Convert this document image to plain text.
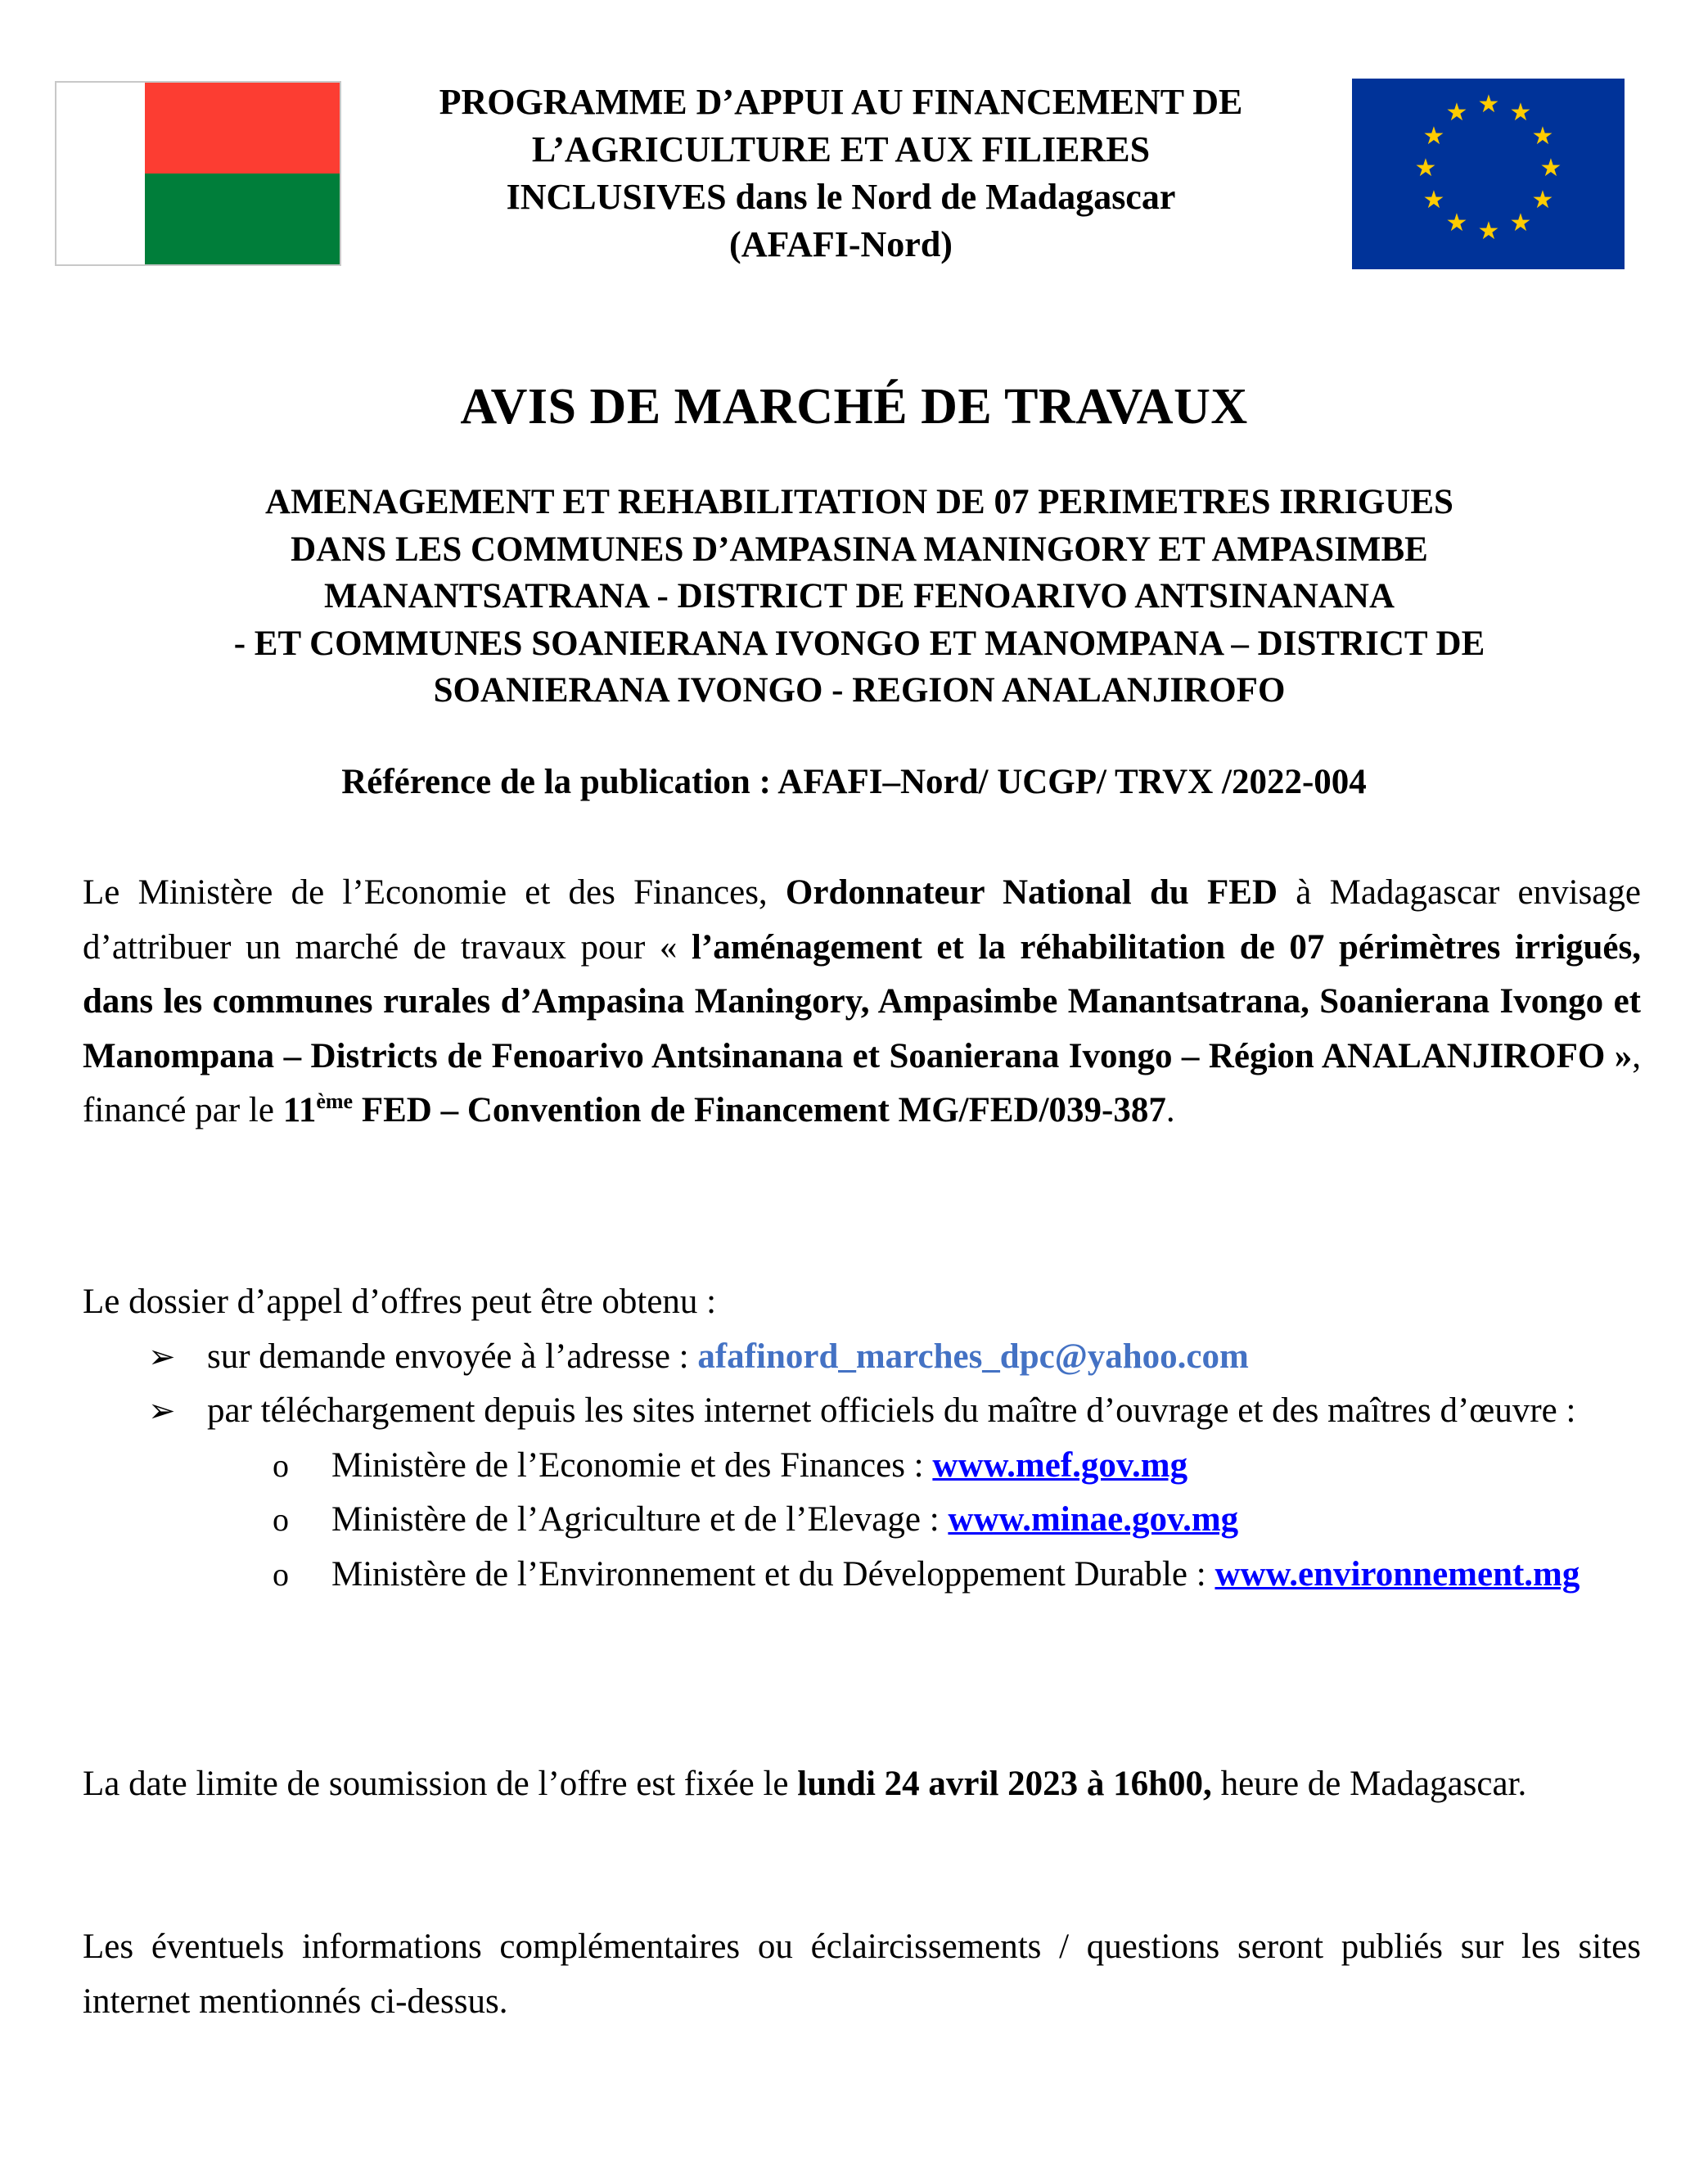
PROGRAMME D’APPUI AU FINANCEMENT DE
L’AGRICULTURE ET AUX FILIERES
INCLUSIVES dans le Nord de Madagascar
(AFAFI-Nord)
★ ★
★
★
★
★
★
★
★
★
★
★
AVIS DE MARCHÉ DE TRAVAUX
AMENAGEMENT ET REHABILITATION DE 07 PERIMETRES IRRIGUES
DANS LES COMMUNES D’AMPASINA MANINGORY ET AMPASIMBE
MANANTSATRANA - DISTRICT DE FENOARIVO ANTSINANANA
- ET COMMUNES SOANIERANA IVONGO ET MANOMPANA – DISTRICT DE
SOANIERANA IVONGO - REGION ANALANJIROFO
Référence de la publication : AFAFI–Nord/ UCGP/ TRVX /2022-004
Le Ministère de l’Economie et des Finances, Ordonnateur National du FED à Madagascar envisage d’attribuer un marché de travaux pour « l’aménagement et la réhabilitation de 07 périmètres irrigués, dans les communes rurales d’Ampasina Maningory, Ampasimbe Manantsatrana, Soanierana Ivongo et Manompana – Districts de Fenoarivo Antsinanana et Soanierana Ivongo – Région ANALANJIROFO », financé par le 11ème FED – Convention de Financement MG/FED/039-387.
Le dossier d’appel d’offres peut être obtenu :
➢ sur demande envoyée à l’adresse : afafinord_marches_dpc@yahoo.com
➢ par téléchargement depuis les sites internet officiels du maître d’ouvrage et des maîtres d’œuvre :
o Ministère de l’Economie et des Finances : www.mef.gov.mg
o Ministère de l’Agriculture et de l’Elevage : www.minae.gov.mg
o Ministère de l’Environnement et du Développement Durable : www.environnement.mg
La date limite de soumission de l’offre est fixée le lundi 24 avril 2023 à 16h00, heure de Madagascar.
Les éventuels informations complémentaires ou éclaircissements / questions seront publiés sur les sites internet mentionnés ci-dessus.
